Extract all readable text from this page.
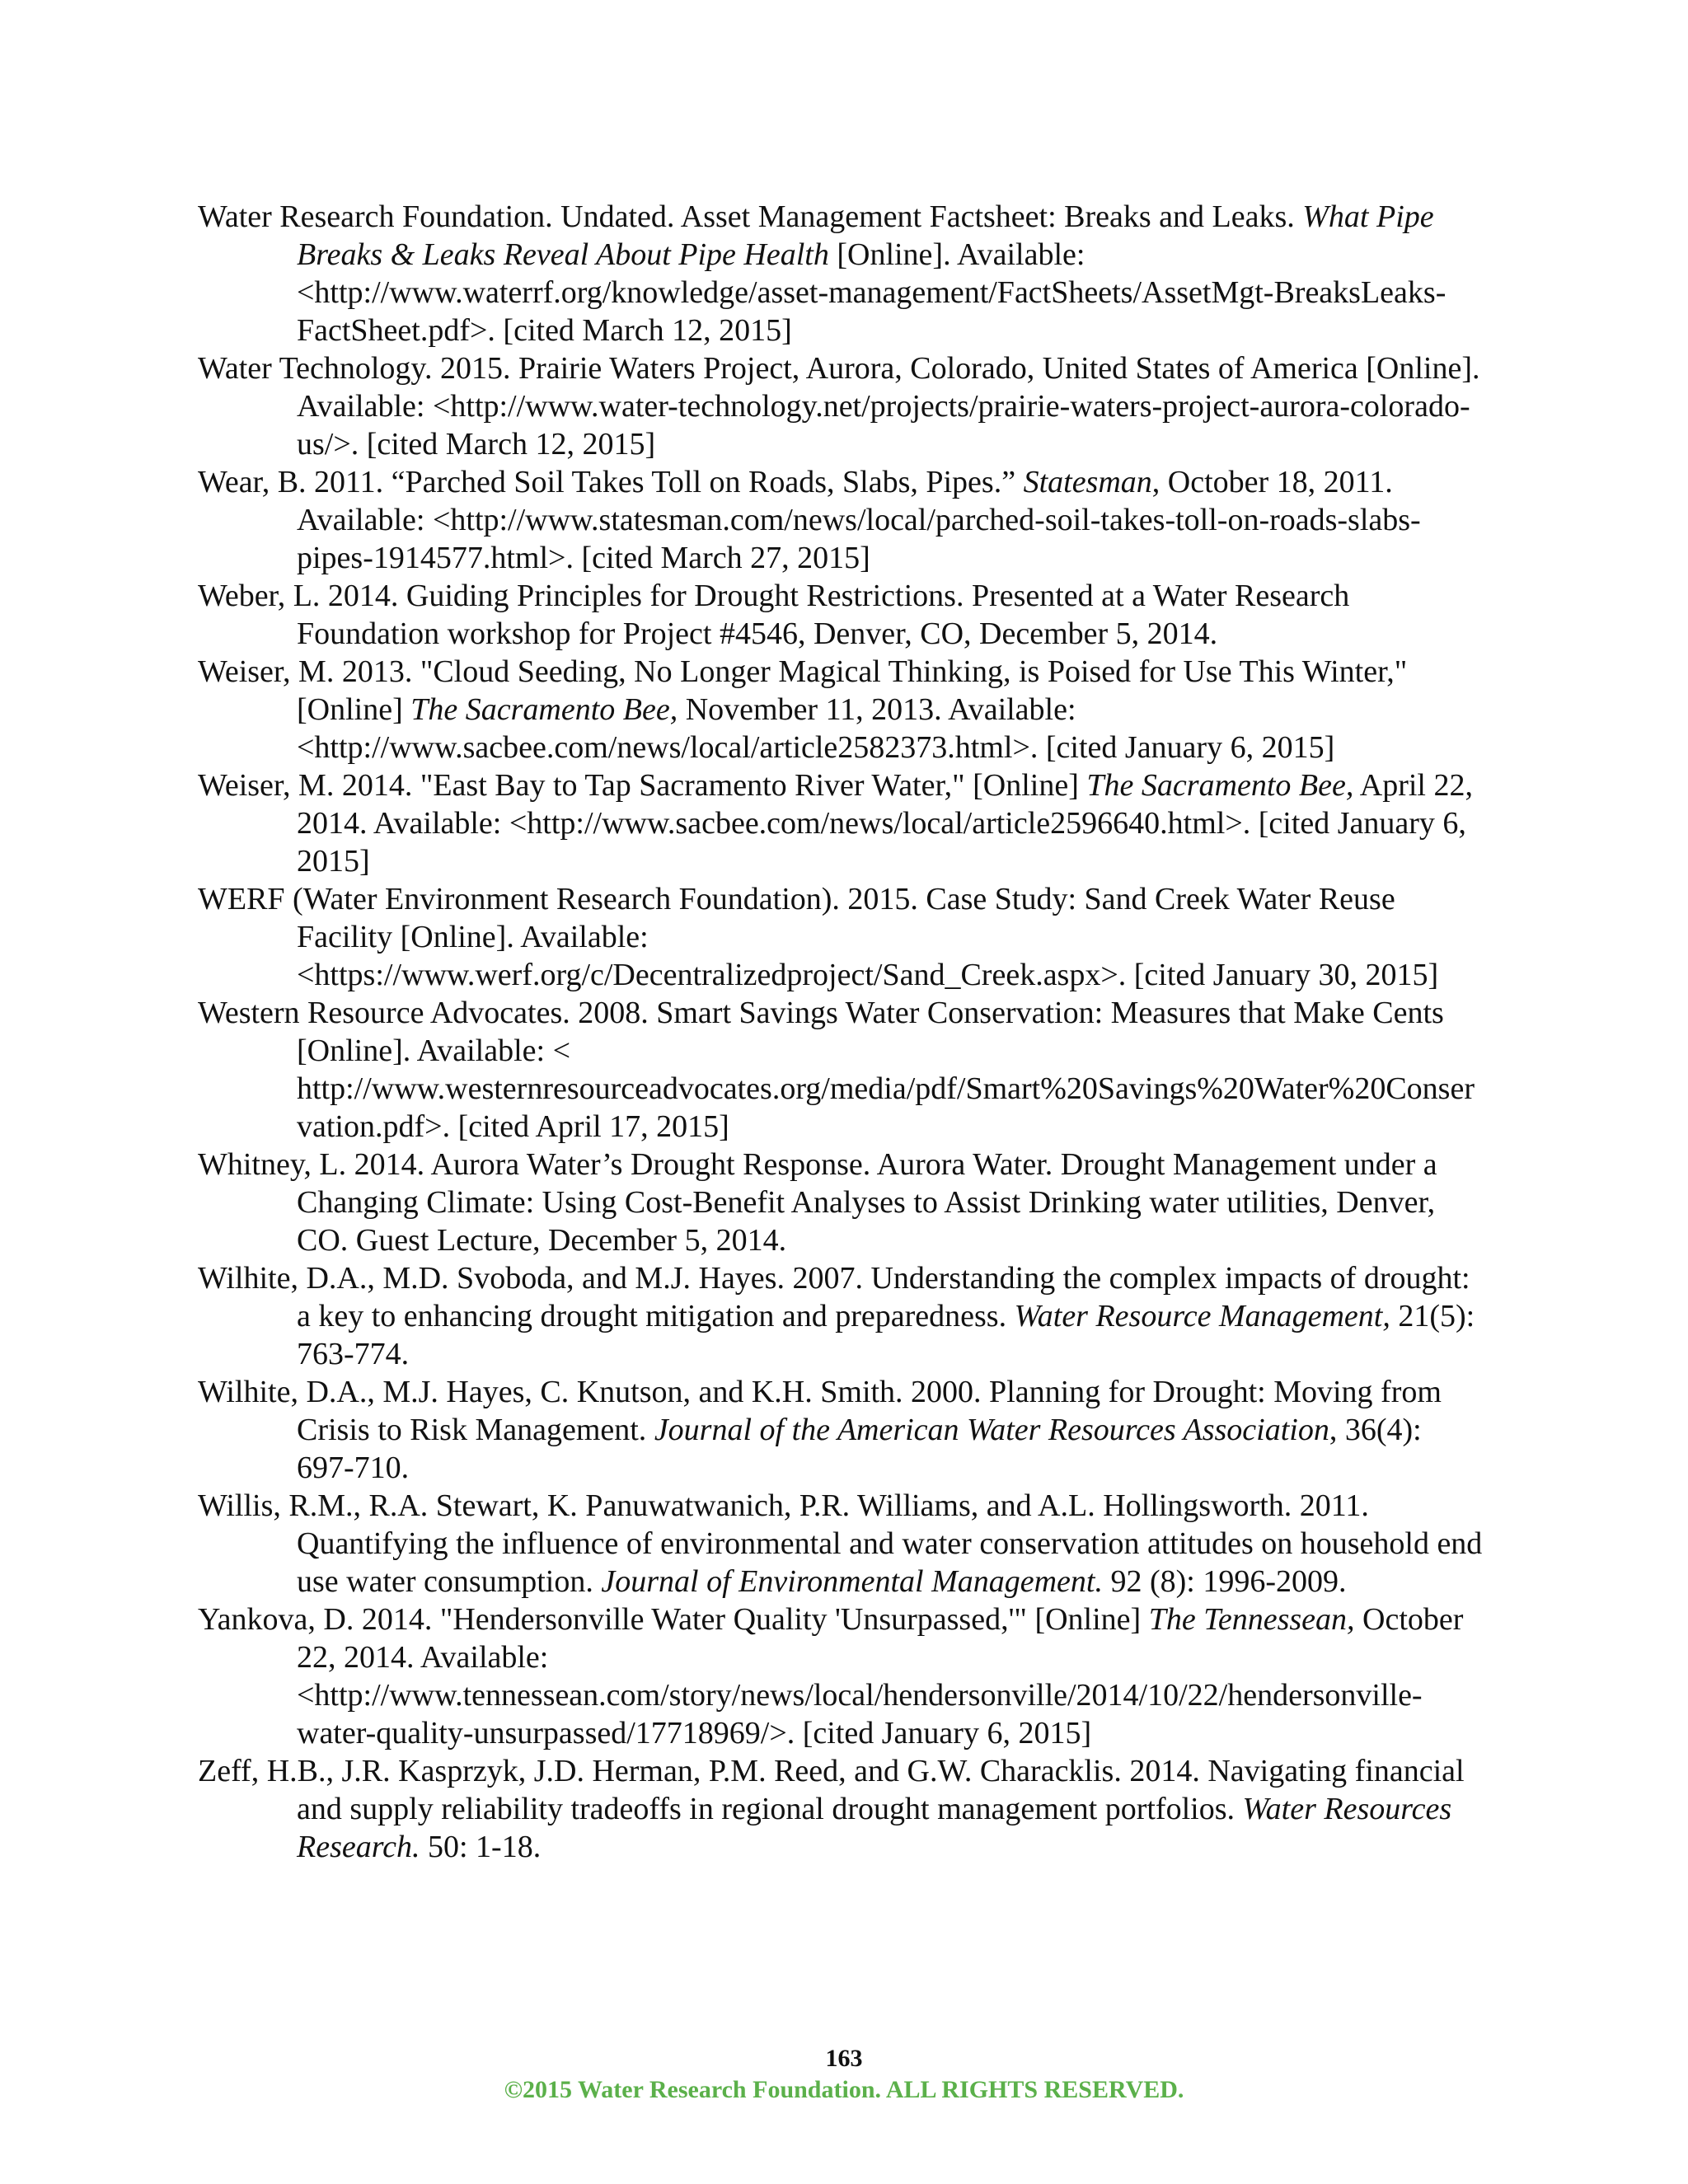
Water Research Foundation. Undated. Asset Management Factsheet: Breaks and Leaks. What Pipe Breaks & Leaks Reveal About Pipe Health [Online]. Available: <http://www.waterrf.org/knowledge/asset-management/FactSheets/AssetMgt-BreaksLeaks-FactSheet.pdf>. [cited March 12, 2015]

Water Technology. 2015. Prairie Waters Project, Aurora, Colorado, United States of America [Online]. Available: <http://www.water-technology.net/projects/prairie-waters-project-aurora-colorado-us/>. [cited March 12, 2015]

Wear, B. 2011. “Parched Soil Takes Toll on Roads, Slabs, Pipes.” Statesman, October 18, 2011. Available: <http://www.statesman.com/news/local/parched-soil-takes-toll-on-roads-slabs-pipes-1914577.html>. [cited March 27, 2015]

Weber, L. 2014. Guiding Principles for Drought Restrictions. Presented at a Water Research Foundation workshop for Project #4546, Denver, CO, December 5, 2014.

Weiser, M. 2013. "Cloud Seeding, No Longer Magical Thinking, is Poised for Use This Winter," [Online] The Sacramento Bee, November 11, 2013. Available: <http://www.sacbee.com/news/local/article2582373.html>. [cited January 6, 2015]

Weiser, M. 2014. "East Bay to Tap Sacramento River Water," [Online] The Sacramento Bee, April 22, 2014. Available: <http://www.sacbee.com/news/local/article2596640.html>. [cited January 6, 2015]

WERF (Water Environment Research Foundation). 2015. Case Study: Sand Creek Water Reuse Facility [Online]. Available: <https://www.werf.org/c/Decentralizedproject/Sand_Creek.aspx>. [cited January 30, 2015]

Western Resource Advocates. 2008. Smart Savings Water Conservation: Measures that Make Cents [Online]. Available: < http://www.westernresourceadvocates.org/media/pdf/Smart%20Savings%20Water%20Conservation.pdf>. [cited April 17, 2015]

Whitney, L. 2014. Aurora Water’s Drought Response. Aurora Water. Drought Management under a Changing Climate: Using Cost-Benefit Analyses to Assist Drinking water utilities, Denver, CO. Guest Lecture, December 5, 2014.

Wilhite, D.A., M.D. Svoboda, and M.J. Hayes. 2007. Understanding the complex impacts of drought: a key to enhancing drought mitigation and preparedness. Water Resource Management, 21(5): 763-774.

Wilhite, D.A., M.J. Hayes, C. Knutson, and K.H. Smith. 2000. Planning for Drought: Moving from Crisis to Risk Management. Journal of the American Water Resources Association, 36(4): 697-710.

Willis, R.M., R.A. Stewart, K. Panuwatwanich, P.R. Williams, and A.L. Hollingsworth. 2011. Quantifying the influence of environmental and water conservation attitudes on household end use water consumption. Journal of Environmental Management. 92 (8): 1996-2009.

Yankova, D. 2014. "Hendersonville Water Quality 'Unsurpassed,'" [Online] The Tennessean, October 22, 2014. Available: <http://www.tennessean.com/story/news/local/hendersonville/2014/10/22/hendersonville-water-quality-unsurpassed/17718969/>. [cited January 6, 2015]

Zeff, H.B., J.R. Kasprzyk, J.D. Herman, P.M. Reed, and G.W. Characklis. 2014. Navigating financial and supply reliability tradeoffs in regional drought management portfolios. Water Resources Research. 50: 1-18.

163
©2015 Water Research Foundation. ALL RIGHTS RESERVED.
